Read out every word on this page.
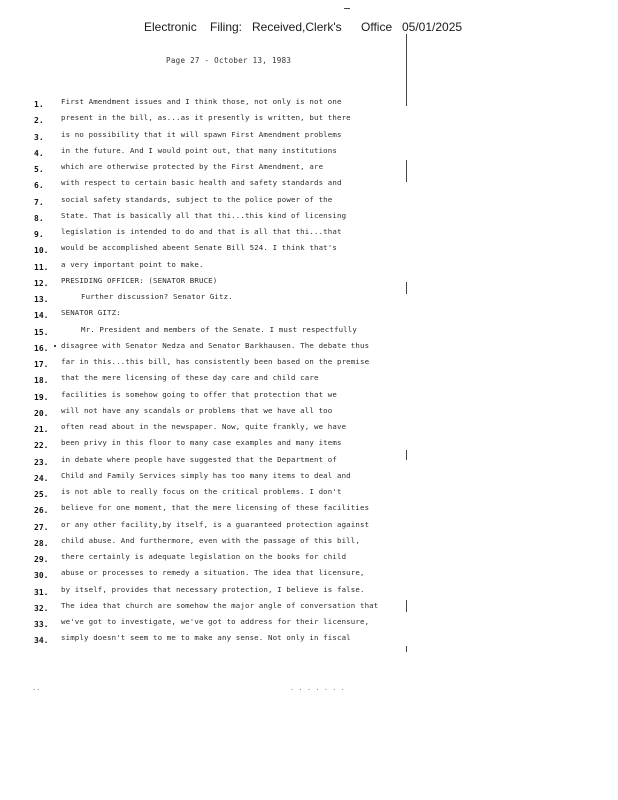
Electronic Filing: Received,Clerk's Office 05/01/2025
Page 27 - October 13, 1983
1.	First Amendment issues and I think those, not only is not one
2.	present in the bill, as...as it presently is written, but there
3.	is no possibility that it will spawn First Amendment problems
4.	in the future. And I would point out, that many institutions
5.	which are otherwise protected by the First Amendment, are
6.	with respect to certain basic health and safety standards and
7.	social safety standards, subject to the police power of the
8.	State. That is basically all that thi...this kind of licensing
9.	legislation is intended to do and that is all that thi...that
10. would be accomplished abeent Senate Bill 524. I think that's
11. a very important point to make.
12. PRESIDING OFFICER: (SENATOR BRUCE)
13.	Further discussion? Senator Gitz.
14. SENATOR GITZ:
15.	Mr. President and members of the Senate. I must respectfully
16. disagree with Senator Nedza and Senator Barkhausen. The debate thus
17. far in this...this bill, has consistently been based on the premise
18. that the mere licensing of these day care and child care
19. facilities is somehow going to offer that protection that we
20. will not have any scandals or problems that we have all too
21. often read about in the newspaper. Now, quite frankly, we have
22. been privy in this floor to many case examples and many items
23. in debate where people have suggested that the Department of
24. Child and Family Services simply has too many items to deal and
25. is not able to really focus on the critical problems. I don't
26. believe for one moment, that the mere licensing of these facilities
27. or any other facility,by itself, is a guaranteed protection against
28. child abuse. And furthermore, even with the passage of this bill,
29. there certainly is adequate legislation on the books for child
30. abuse or processes to remedy a situation. The idea that licensure,
31. by itself, provides that necessary protection, I believe is false.
32. The idea that church are somehow the major angle of conversation that
33. we've got to investigate, we've got to address for their licensure,
34. simply doesn't seem to me to make any sense. Not only in fiscal
..	. . . . . . .
